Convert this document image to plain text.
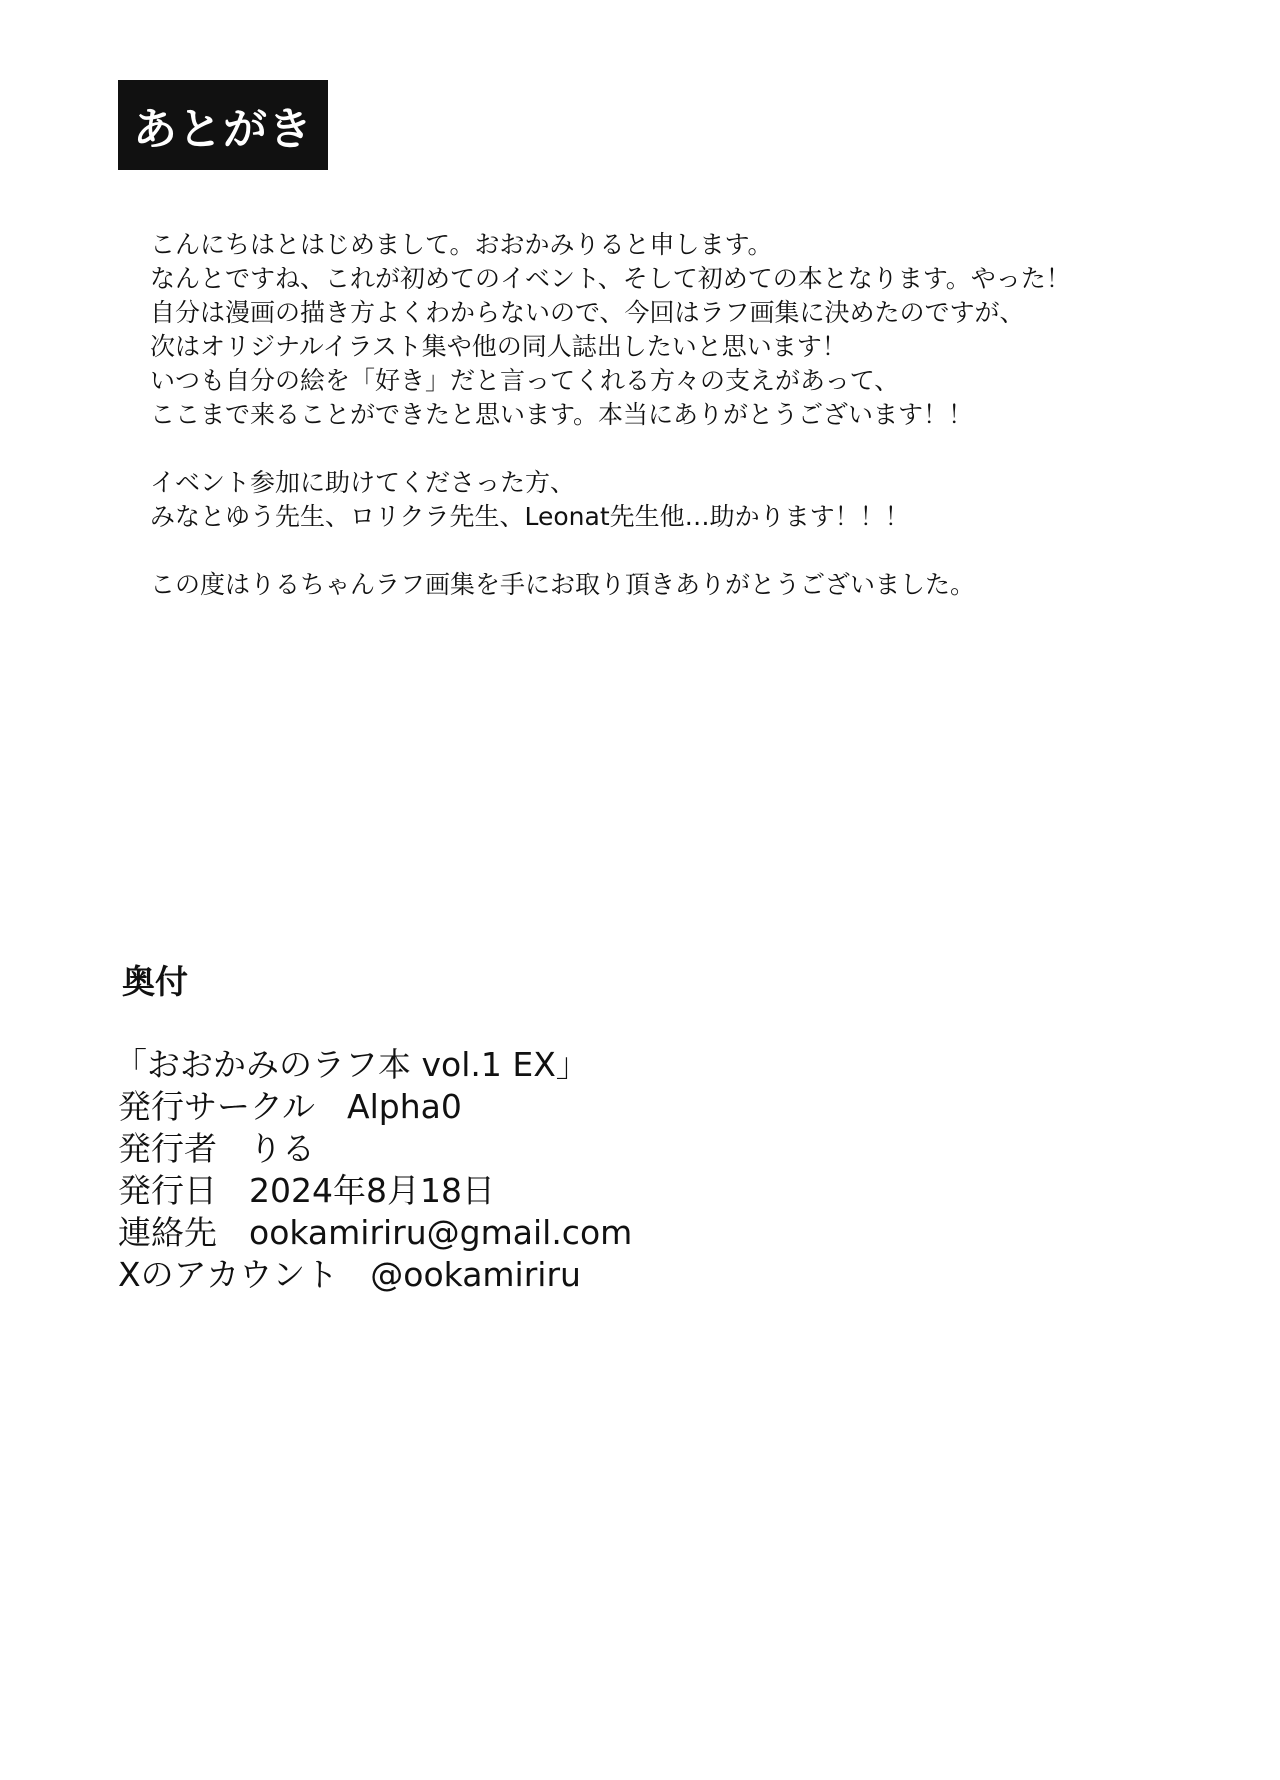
あとがき
こんにちはとはじめまして。おおかみりると申します。
なんとですね、これが初めてのイベント、そして初めての本となります。やった！
自分は漫画の描き方よくわからないので、今回はラフ画集に決めたのですが、
次はオリジナルイラスト集や他の同人誌出したいと思います！
いつも自分の絵を「好き」だと言ってくれる方々の支えがあって、
ここまで来ることができたと思います。本当にありがとうございます！！
イベント参加に助けてくださった方、
みなとゆう先生、ロリクラ先生、Leonat先生他…助かります！！！
この度はりるちゃんラフ画集を手にお取り頂きありがとうございました。
奥付
「おおかみのラフ本 vol.1 EX」
発行サークル Alpha0
発行者 りる
発行日 2024年8月18日
連絡先 ookamiriru@gmail.com
Xのアカウント @ookamiriru
